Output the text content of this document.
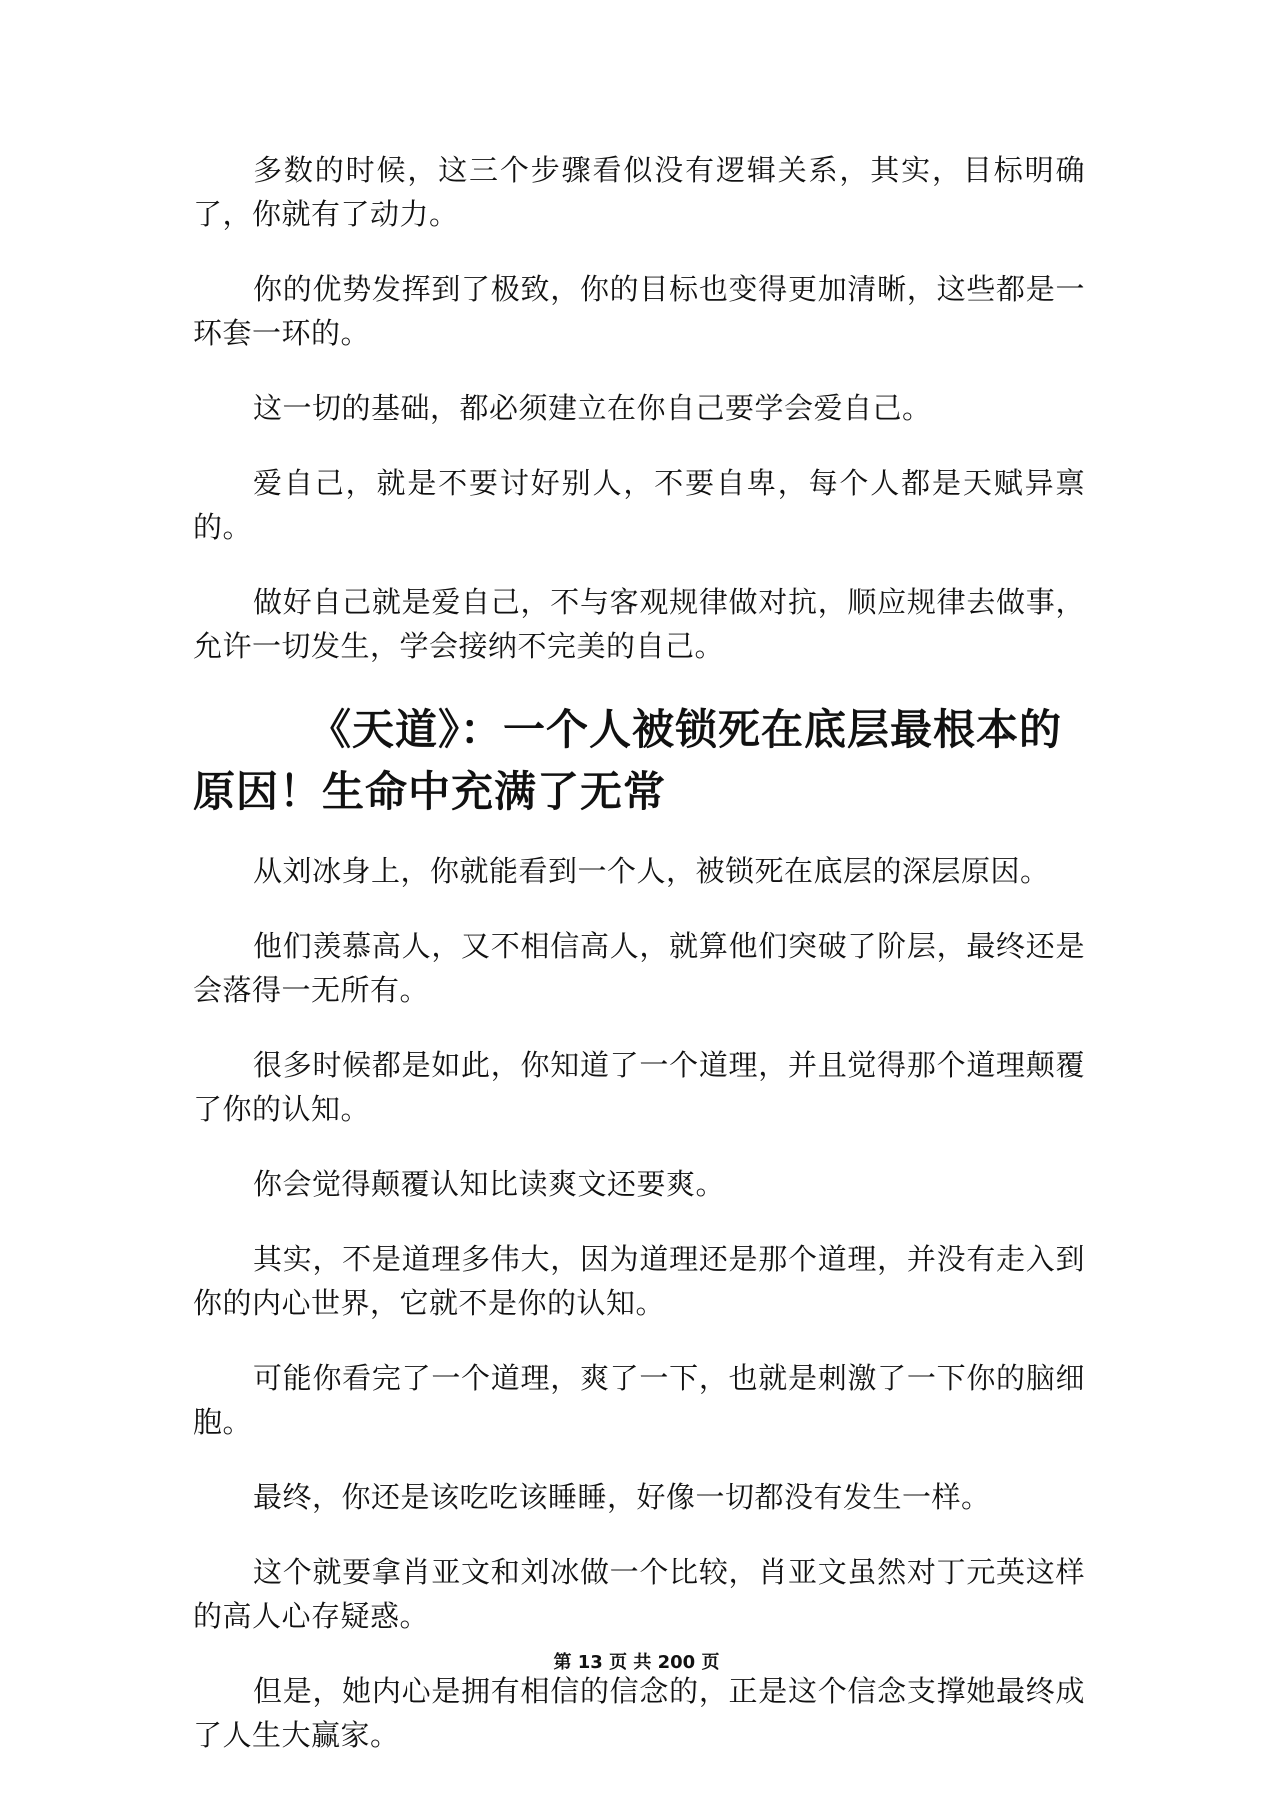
多数的时候，这三个步骤看似没有逻辑关系，其实，目标明确了，你就有了动力。

你的优势发挥到了极致，你的目标也变得更加清晰，这些都是一环套一环的。

这一切的基础，都必须建立在你自己要学会爱自己。

爱自己，就是不要讨好别人，不要自卑，每个人都是天赋异禀的。

做好自己就是爱自己，不与客观规律做对抗，顺应规律去做事，允许一切发生，学会接纳不完美的自己。

《天道》：一个人被锁死在底层最根本的原因！生命中充满了无常

从刘冰身上，你就能看到一个人，被锁死在底层的深层原因。

他们羡慕高人，又不相信高人，就算他们突破了阶层，最终还是会落得一无所有。

很多时候都是如此，你知道了一个道理，并且觉得那个道理颠覆了你的认知。

你会觉得颠覆认知比读爽文还要爽。

其实，不是道理多伟大，因为道理还是那个道理，并没有走入到你的内心世界，它就不是你的认知。

可能你看完了一个道理，爽了一下，也就是刺激了一下你的脑细胞。

最终，你还是该吃吃该睡睡，好像一切都没有发生一样。

这个就要拿肖亚文和刘冰做一个比较，肖亚文虽然对丁元英这样的高人心存疑惑。

但是，她内心是拥有相信的信念的，正是这个信念支撑她最终成了人生大赢家。

第 13 页 共 200 页
